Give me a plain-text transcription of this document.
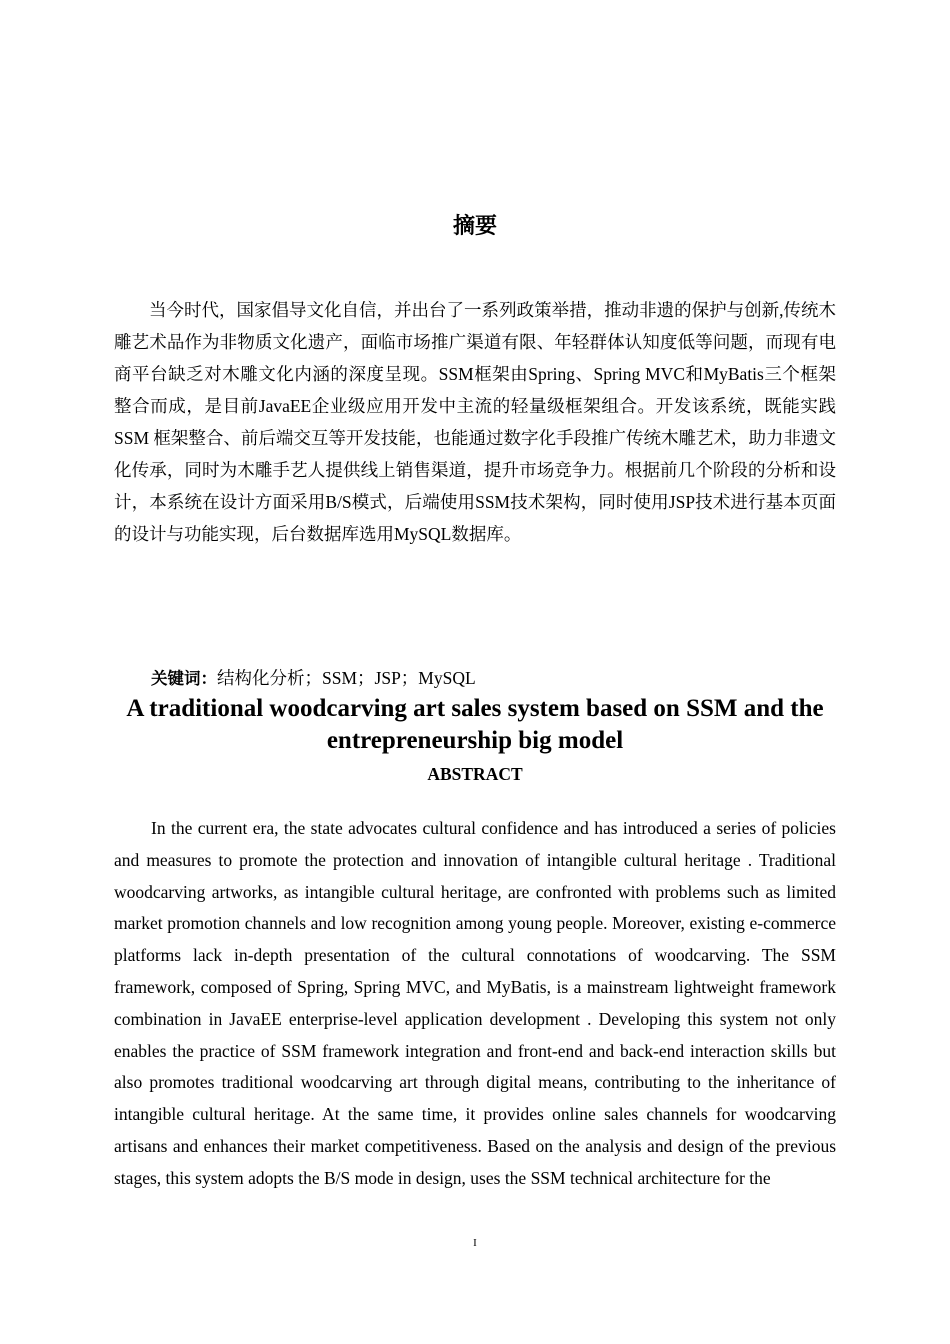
摘要

当今时代，国家倡导文化自信，并出台了一系列政策举措，推动非遗的保护与创新,传统木雕艺术品作为非物质文化遗产，面临市场推广渠道有限、年轻群体认知度低等问题，而现有电商平台缺乏对木雕文化内涵的深度呈现。SSM框架由Spring、Spring MVC和MyBatis三个框架整合而成，是目前JavaEE企业级应用开发中主流的轻量级框架组合。开发该系统，既能实践 SSM 框架整合、前后端交互等开发技能，也能通过数字化手段推广传统木雕艺术，助力非遗文化传承，同时为木雕手艺人提供线上销售渠道，提升市场竞争力。根据前几个阶段的分析和设计，本系统在设计方面采用B/S模式，后端使用SSM技术架构，同时使用JSP技术进行基本页面的设计与功能实现，后台数据库选用MySQL数据库。

关键词：结构化分析；SSM；JSP；MySQL
A traditional woodcarving art sales system based on SSM and the entrepreneurship big model
ABSTRACT

In the current era, the state advocates cultural confidence and has introduced a series of policies and measures to promote the protection and innovation of intangible cultural heritage . Traditional woodcarving artworks, as intangible cultural heritage, are confronted with problems such as limited market promotion channels and low recognition among young people. Moreover, existing e-commerce platforms lack in-depth presentation of the cultural connotations of woodcarving. The SSM framework, composed of Spring, Spring MVC, and MyBatis, is a mainstream lightweight framework combination in JavaEE enterprise-level application development . Developing this system not only enables the practice of SSM framework integration and front-end and back-end interaction skills but also promotes traditional woodcarving art through digital means, contributing to the inheritance of intangible cultural heritage. At the same time, it provides online sales channels for woodcarving artisans and enhances their market competitiveness. Based on the analysis and design of the previous stages, this system adopts the B/S mode in design, uses the SSM technical architecture for the

I
